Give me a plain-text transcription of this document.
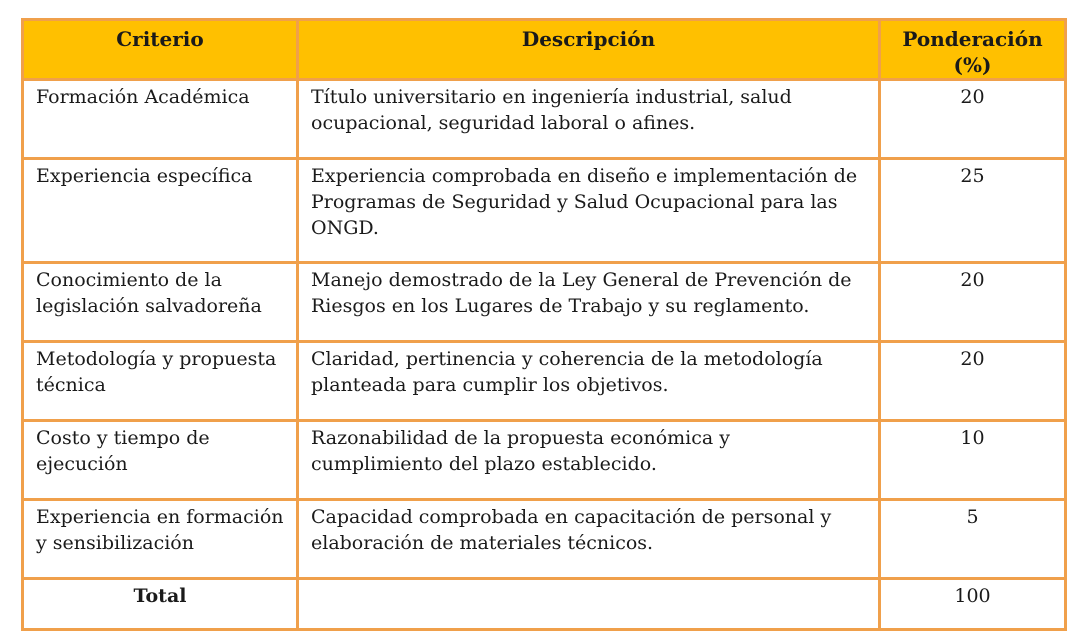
Criterio	Descripción	Ponderación (%)
Formación Académica	Título universitario en ingeniería industrial, salud ocupacional, seguridad laboral o afines.	20
Experiencia específica	Experiencia comprobada en diseño e implementación de Programas de Seguridad y Salud Ocupacional para las ONGD.	25
Conocimiento de la legislación salvadoreña	Manejo demostrado de la Ley General de Prevención de Riesgos en los Lugares de Trabajo y su reglamento.	20
Metodología y propuesta técnica	Claridad, pertinencia y coherencia de la metodología planteada para cumplir los objetivos.	20
Costo y tiempo de ejecución	Razonabilidad de la propuesta económica y cumplimiento del plazo establecido.	10
Experiencia en formación y sensibilización	Capacidad comprobada en capacitación de personal y elaboración de materiales técnicos.	5
Total		100
